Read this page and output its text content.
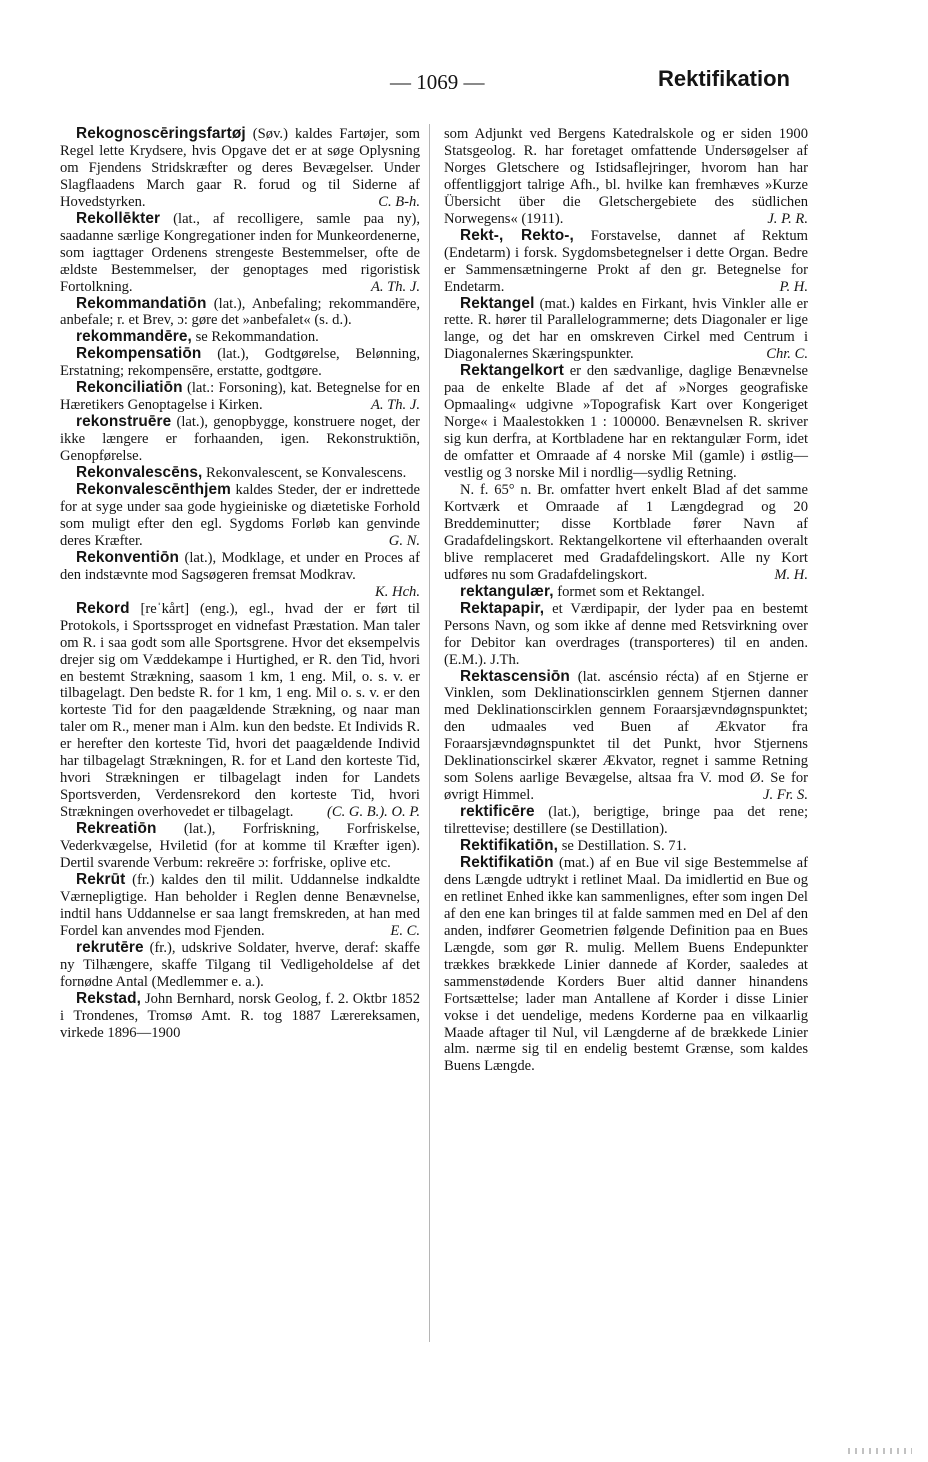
— 1069 —	Rektifikation

Rekognoscēringsfartøj (Søv.) kaldes Fartøjer, som Regel lette Krydsere, hvis Opgave det er at søge Oplysning om Fjendens Stridskræfter og deres Bevægelser. Under Slagflaadens March gaar R. forud og til Siderne af Hovedstyrken.	C. B-h.

Rekollēkter (lat., af recolligere, samle paa ny), saadanne særlige Kongregationer inden for Munkeordenerne, som iagttager Ordenens strengeste Bestemmelser, ofte de ældste Bestemmelser, der genoptages med rigoristisk Fortolkning.	A. Th. J.

Rekommandatiōn (lat.), Anbefaling; rekommandēre, anbefale; r. et Brev, ɔ: gøre det »anbefalet« (s. d.).

rekommandēre, se Rekommandation.

Rekompensatiōn (lat.), Godtgørelse, Belønning, Erstatning; rekompensēre, erstatte, godtgøre.

Rekonciliatiōn (lat.: Forsoning), kat. Betegnelse for en Hæretikers Genoptagelse i Kirken.	A. Th. J.

rekonstruēre (lat.), genopbygge, konstruere noget, der ikke længere er forhaanden, igen. Rekonstruktiōn, Genopførelse.

Rekonvalescēns, Rekonvalescent, se Konvalescens.

Rekonvalescēnthjem kaldes Steder, der er indrettede for at syge under saa gode hygieiniske og diætetiske Forhold som muligt efter den egl. Sygdoms Forløb kan genvinde deres Kræfter.	G. N.

Rekonventiōn (lat.), Modklage, et under en Proces af den indstævnte mod Sagsøgeren fremsat Modkrav.
K. Hch.

Rekord [reˈkårt] (eng.), egl., hvad der er ført til Protokols, i Sportssproget en vidnefast Præstation. Man taler om R. i saa godt som alle Sportsgrene. Hvor det eksempelvis drejer sig om Væddekampe i Hurtighed, er R. den Tid, hvori en bestemt Strækning, saasom 1 km, 1 eng. Mil, o. s. v. er tilbagelagt. Den bedste R. for 1 km, 1 eng. Mil o. s. v. er den korteste Tid for den paagældende Strækning, og naar man taler om R., mener man i Alm. kun den bedste. Et Individs R. er herefter den korteste Tid, hvori det paagældende Individ har tilbagelagt Strækningen, R. for et Land den korteste Tid, hvori Strækningen er tilbagelagt inden for Landets Sportsverden, Verdensrekord den korteste Tid, hvori Strækningen overhovedet er tilbagelagt.	(C. G. B.). O. P.

Rekreatiōn (lat.), Forfriskning, Forfriskelse, Vederkvægelse, Hviletid (for at komme til Kræfter igen). Dertil svarende Verbum: rekreēre ɔ: forfriske, oplive etc.

Rekrūt (fr.) kaldes den til milit. Uddannelse indkaldte Værnepligtige. Han beholder i Reglen denne Benævnelse, indtil hans Uddannelse er saa langt fremskreden, at han med Fordel kan anvendes mod Fjenden.	E. C.

rekrutēre (fr.), udskrive Soldater, hverve, deraf: skaffe ny Tilhængere, skaffe Tilgang til Vedligeholdelse af det fornødne Antal (Medlemmer e. a.).

Rekstad, John Bernhard, norsk Geolog, f. 2. Oktbr 1852 i Trondenes, Tromsø Amt. R. tog 1887 Lærereksamen, virkede 1896—1900

som Adjunkt ved Bergens Katedralskole og er siden 1900 Statsgeolog. R. har foretaget omfattende Undersøgelser af Norges Gletschere og Istidsaflejringer, hvorom han har offentliggjort talrige Afh., bl. hvilke kan fremhæves »Kurze Übersicht über die Gletschergebiete des südlichen Norwegens« (1911).	J. P. R.

Rekt-, Rekto-, Forstavelse, dannet af Rektum (Endetarm) i forsk. Sygdomsbetegnelser i dette Organ. Bedre er Sammensætningerne Prokt af den gr. Betegnelse for Endetarm.	P. H.

Rektangel (mat.) kaldes en Firkant, hvis Vinkler alle er rette. R. hører til Parallelogrammerne; dets Diagonaler er lige lange, og det har en omskreven Cirkel med Centrum i Diagonalernes Skæringspunkter.	Chr. C.

Rektangelkort er den sædvanlige, daglige Benævnelse paa de enkelte Blade af det af »Norges geografiske Opmaaling« udgivne »Topografisk Kart over Kongeriget Norge« i Maalestokken 1 : 100000. Benævnelsen R. skriver sig kun derfra, at Kortbladene har en rektangulær Form, idet de omfatter et Omraade af 4 norske Mil (gamle) i østlig—vestlig og 3 norske Mil i nordlig—sydlig Retning.

N. f. 65° n. Br. omfatter hvert enkelt Blad af det samme Kortværk et Omraade af 1 Længdegrad og 20 Breddeminutter; disse Kortblade fører Navn af Gradafdelingskort. Rektangelkortene vil efterhaanden overalt blive remplaceret med Gradafdelingskort. Alle ny Kort udføres nu som Gradafdelingskort.	M. H.

rektangulær, formet som et Rektangel.

Rektapapir, et Værdipapir, der lyder paa en bestemt Persons Navn, og som ikke af denne med Retsvirkning over for Debitor kan overdrages (transporteres) til en anden. (E.M.). J.Th.

Rektascensiōn (lat. ascénsio récta) af en Stjerne er Vinklen, som Deklinationscirklen gennem Stjernen danner med Deklinationscirklen gennem Foraarsjævndøgnspunktet; den udmaales ved Buen af Ækvator fra Foraarsjævndøgnspunktet til det Punkt, hvor Stjernens Deklinationscirkel skærer Ækvator, regnet i samme Retning som Solens aarlige Bevægelse, altsaa fra V. mod Ø. Se for øvrigt Himmel.	J. Fr. S.

rektificēre (lat.), berigtige, bringe paa det rene; tilrettevise; destillere (se Destillation).

Rektifikatiōn, se Destillation. S. 71.

Rektifikatiōn (mat.) af en Bue vil sige Bestemmelse af dens Længde udtrykt i retlinet Maal. Da imidlertid en Bue og en retlinet Enhed ikke kan sammenlignes, efter som ingen Del af den ene kan bringes til at falde sammen med en Del af den anden, indfører Geometrien følgende Definition paa en Bues Længde, som gør R. mulig. Mellem Buens Endepunkter trækkes brækkede Linier dannede af Korder, saaledes at sammenstødende Korders Buer altid danner hinandens Fortsættelse; lader man Antallene af Korder i disse Linier vokse i det uendelige, medens Korderne paa en vilkaarlig Maade aftager til Nul, vil Længderne af de brækkede Linier alm. nærme sig til en endelig bestemt Grænse, som kaldes Buens Længde.
